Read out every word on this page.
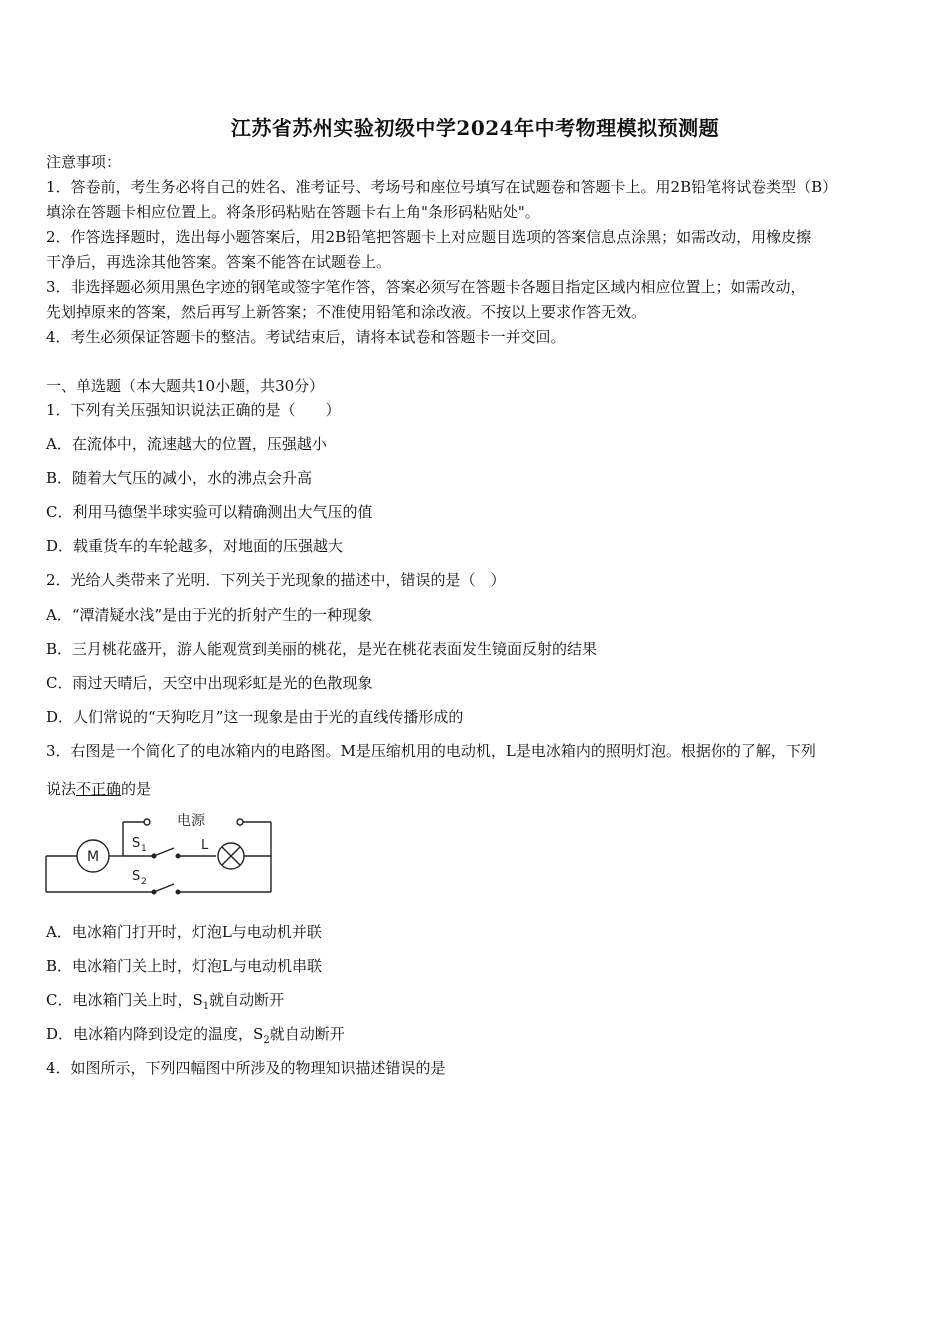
江苏省苏州实验初级中学2024年中考物理模拟预测题
注意事项：
1．答卷前，考生务必将自己的姓名、准考证号、考场号和座位号填写在试题卷和答题卡上。用2B铅笔将试卷类型（B）
填涂在答题卡相应位置上。将条形码粘贴在答题卡右上角"条形码粘贴处"。
2．作答选择题时，选出每小题答案后，用2B铅笔把答题卡上对应题目选项的答案信息点涂黑；如需改动，用橡皮擦
干净后，再选涂其他答案。答案不能答在试题卷上。
3．非选择题必须用黑色字迹的钢笔或签字笔作答，答案必须写在答题卡各题目指定区域内相应位置上；如需改动，
先划掉原来的答案，然后再写上新答案；不准使用铅笔和涂改液。不按以上要求作答无效。
4．考生必须保证答题卡的整洁。考试结束后，请将本试卷和答题卡一并交回。
一、单选题（本大题共10小题，共30分）
1．下列有关压强知识说法正确的是（　　）
A．在流体中，流速越大的位置，压强越小
B．随着大气压的减小，水的沸点会升高
C．利用马德堡半球实验可以精确测出大气压的值
D．载重货车的车轮越多，对地面的压强越大
2．光给人类带来了光明．下列关于光现象的描述中，错误的是（　）
A．“潭清疑水浅”是由于光的折射产生的一种现象
B．三月桃花盛开，游人能观赏到美丽的桃花，是光在桃花表面发生镜面反射的结果
C．雨过天晴后，天空中出现彩虹是光的色散现象
D．人们常说的“天狗吃月”这一现象是由于光的直线传播形成的
3．右图是一个简化了的电冰箱内的电路图。M是压缩机用的电动机，L是电冰箱内的照明灯泡。根据你的了解，下列
说法不正确的是
电源
M
L
S 1
S 2
A．电冰箱门打开时，灯泡L与电动机并联
B．电冰箱门关上时，灯泡L与电动机串联
C．电冰箱门关上时，$S_1$就自动断开
D．电冰箱内降到设定的温度，$S_2$就自动断开
4．如图所示，下列四幅图中所涉及的物理知识描述错误的是
